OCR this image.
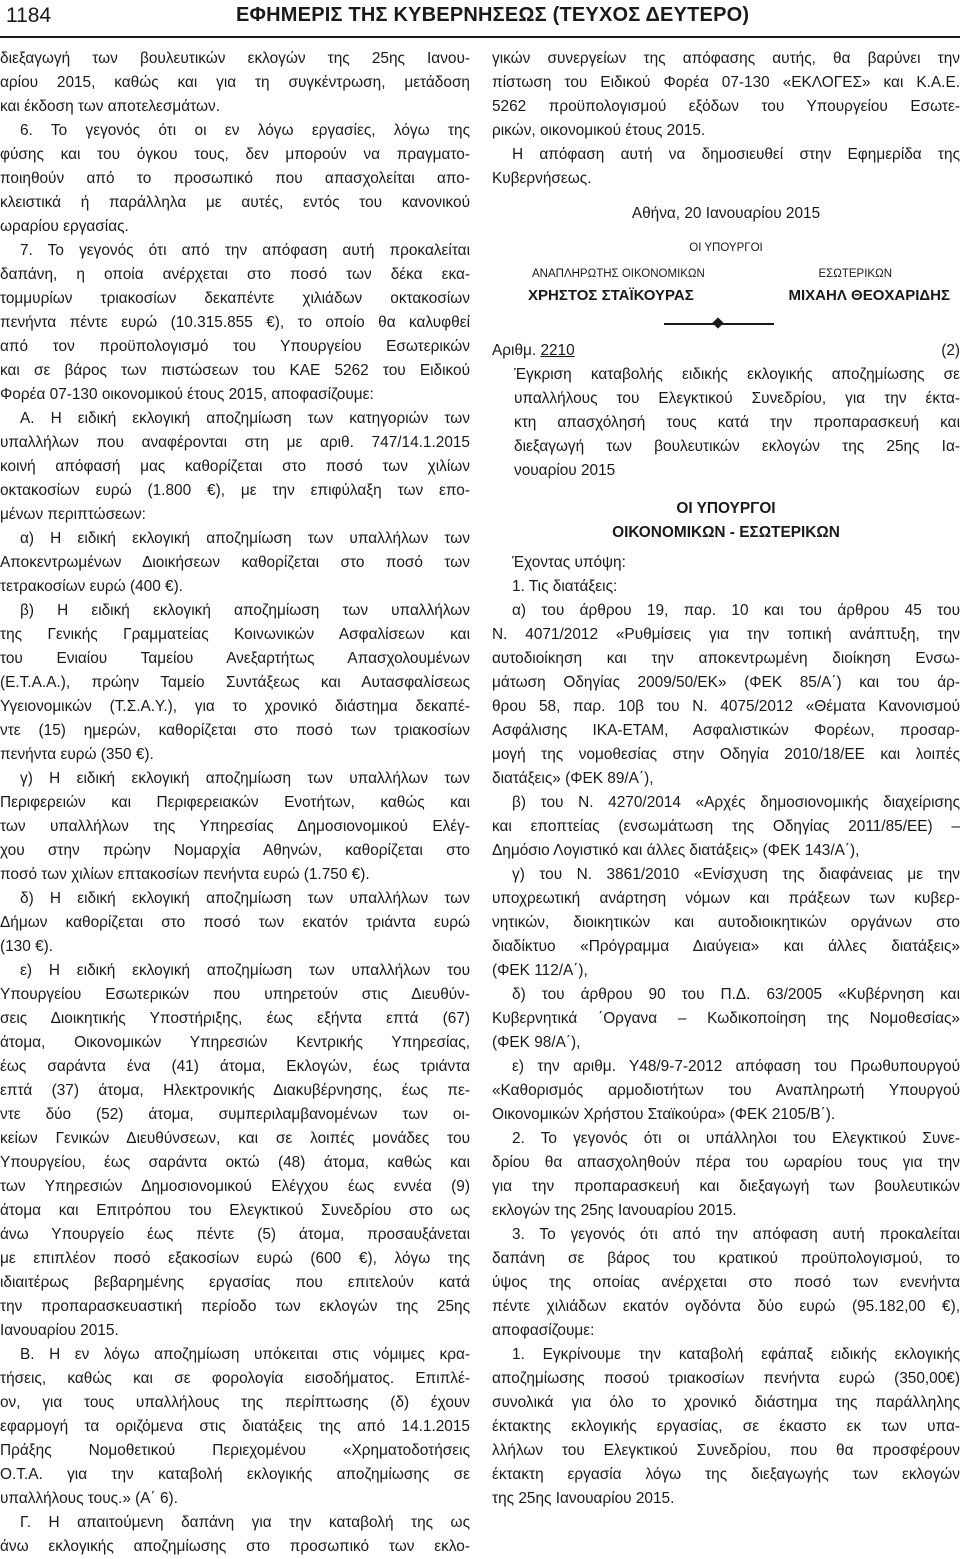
1184	ΕΦΗΜΕΡΙΣ ΤΗΣ ΚΥΒΕΡΝΗΣΕΩΣ (ΤΕΥΧΟΣ ΔΕΥΤΕΡΟ)
διεξαγωγή των βουλευτικών εκλογών της 25ης Ιανου-
αρίου 2015, καθώς και για τη συγκέντρωση, μετάδοση
και έκδοση των αποτελεσμάτων.
6. Το γεγονός ότι οι εν λόγω εργασίες, λόγω της
φύσης και του όγκου τους, δεν μπορούν να πραγματο-
ποιηθούν από το προσωπικό που απασχολείται απο-
κλειστικά ή παράλληλα με αυτές, εντός του κανονικού
ωραρίου εργασίας.
7. Το γεγονός ότι από την απόφαση αυτή προκαλείται
δαπάνη, η οποία ανέρχεται στο ποσό των δέκα εκα-
τομμυρίων τριακοσίων δεκαπέντε χιλιάδων οκτακοσίων
πενήντα πέντε ευρώ (10.315.855 €), το οποίο θα καλυφθεί
από τον προϋπολογισμό του Υπουργείου Εσωτερικών
και σε βάρος των πιστώσεων του ΚΑΕ 5262 του Ειδικού
Φορέα 07-130 οικονομικού έτους 2015, αποφασίζουμε:
Α. Η ειδική εκλογική αποζημίωση των κατηγοριών των
υπαλλήλων που αναφέρονται στη με αριθ. 747/14.1.2015
κοινή απόφασή μας καθορίζεται στο ποσό των χιλίων
οκτακοσίων ευρώ (1.800 €), με την επιφύλαξη των επο-
μένων περιπτώσεων:
α) Η ειδική εκλογική αποζημίωση των υπαλλήλων των
Αποκεντρωμένων Διοικήσεων καθορίζεται στο ποσό των
τετρακοσίων ευρώ (400 €).
β) Η ειδική εκλογική αποζημίωση των υπαλλήλων
της Γενικής Γραμματείας Κοινωνικών Ασφαλίσεων και
του Ενιαίου Ταμείου Ανεξαρτήτως Απασχολουμένων
(Ε.Τ.Α.Α.), πρώην Ταμείο Συντάξεως και Αυτασφαλίσεως
Υγειονομικών (Τ.Σ.Α.Υ.), για το χρονικό διάστημα δεκαπέ-
ντε (15) ημερών, καθορίζεται στο ποσό των τριακοσίων
πενήντα ευρώ (350 €).
γ) Η ειδική εκλογική αποζημίωση των υπαλλήλων των
Περιφερειών και Περιφερειακών Ενοτήτων, καθώς και
των υπαλλήλων της Υπηρεσίας Δημοσιονομικού Ελέγ-
χου στην πρώην Νομαρχία Αθηνών, καθορίζεται στο
ποσό των χιλίων επτακοσίων πενήντα ευρώ (1.750 €).
δ) Η ειδική εκλογική αποζημίωση των υπαλλήλων των
Δήμων καθορίζεται στο ποσό των εκατόν τριάντα ευρώ
(130 €).
ε) Η ειδική εκλογική αποζημίωση των υπαλλήλων του
Υπουργείου Εσωτερικών που υπηρετούν στις Διευθύν-
σεις Διοικητικής Υποστήριξης, έως εξήντα επτά (67)
άτομα, Οικονομικών Υπηρεσιών Κεντρικής Υπηρεσίας,
έως σαράντα ένα (41) άτομα, Εκλογών, έως τριάντα
επτά (37) άτομα, Ηλεκτρονικής Διακυβέρνησης, έως πε-
ντε δύο (52) άτομα, συμπεριλαμβανομένων των οι-
κείων Γενικών Διευθύνσεων, και σε λοιπές μονάδες του
Υπουργείου, έως σαράντα οκτώ (48) άτομα, καθώς και
των Υπηρεσιών Δημοσιονομικού Ελέγχου έως εννέα (9)
άτομα και Επιτρόπου του Ελεγκτικού Συνεδρίου στο ως
άνω Υπουργείο έως πέντε (5) άτομα, προσαυξάνεται
με επιπλέον ποσό εξακοσίων ευρώ (600 €), λόγω της
ιδιαιτέρως βεβαρημένης εργασίας που επιτελούν κατά
την προπαρασκευαστική περίοδο των εκλογών της 25ης
Ιανουαρίου 2015.
Β. Η εν λόγω αποζημίωση υπόκειται στις νόμιμες κρα-
τήσεις, καθώς και σε φορολογία εισοδήματος. Επιπλέ-
ον, για τους υπαλλήλους της περίπτωσης (δ) έχουν
εφαρμογή τα οριζόμενα στις διατάξεις της από 14.1.2015
Πράξης Νομοθετικού Περιεχομένου «Χρηματοδοτήσεις
Ο.Τ.Α. για την καταβολή εκλογικής αποζημίωσης σε
υπαλλήλους τους.» (Α΄ 6).
Γ. Η απαιτούμενη δαπάνη για την καταβολή της ως
άνω εκλογικής αποζημίωσης στο προσωπικό των εκλο-
γικών συνεργείων της απόφασης αυτής, θα βαρύνει την
πίστωση του Ειδικού Φορέα 07-130 «ΕΚΛΟΓΕΣ» και Κ.Α.Ε.
5262 προϋπολογισμού εξόδων του Υπουργείου Εσωτε-
ρικών, οικονομικού έτους 2015.
Η απόφαση αυτή να δημοσιευθεί στην Εφημερίδα της
Κυβερνήσεως.
Αθήνα, 20 Ιανουαρίου 2015
ΟΙ ΥΠΟΥΡΓΟΙ
ΑΝΑΠΛΗΡΩΤΗΣ ΟΙΚΟΝΟΜΙΚΩΝ	ΕΣΩΤΕΡΙΚΩΝ
ΧΡΗΣΤΟΣ ΣΤΑΪΚΟΥΡΑΣ	ΜΙΧΑΗΛ ΘΕΟΧΑΡΙΔΗΣ
Αριθμ. 2210	(2)
Έγκριση καταβολής ειδικής εκλογικής αποζημίωσης σε
υπαλλήλους του Ελεγκτικού Συνεδρίου, για την έκτα-
κτη απασχόλησή τους κατά την προπαρασκευή και
διεξαγωγή των βουλευτικών εκλογών της 25ης Ια-
νουαρίου 2015
ΟΙ ΥΠΟΥΡΓΟΙ
ΟΙΚΟΝΟΜΙΚΩΝ - ΕΣΩΤΕΡΙΚΩΝ
Έχοντας υπόψη:
1. Τις διατάξεις:
α) του άρθρου 19, παρ. 10 και του άρθρου 45 του
Ν. 4071/2012 «Ρυθμίσεις για την τοπική ανάπτυξη, την
αυτοδιοίκηση και την αποκεντρωμένη διοίκηση Ενσω-
μάτωση Οδηγίας 2009/50/ΕΚ» (ΦΕΚ 85/Α΄) και του άρ-
θρου 58, παρ. 10β του Ν. 4075/2012 «Θέματα Κανονισμού
Ασφάλισης ΙΚΑ-ΕΤΑΜ, Ασφαλιστικών Φορέων, προσαρ-
μογή της νομοθεσίας στην Οδηγία 2010/18/ΕΕ και λοιπές
διατάξεις» (ΦΕΚ 89/Α΄),
β) του Ν. 4270/2014 «Αρχές δημοσιονομικής διαχείρισης
και εποπτείας (ενσωμάτωση της Οδηγίας 2011/85/ΕΕ) –
Δημόσιο Λογιστικό και άλλες διατάξεις» (ΦΕΚ 143/Α΄),
γ) του Ν. 3861/2010 «Ενίσχυση της διαφάνειας με την
υποχρεωτική ανάρτηση νόμων και πράξεων των κυβερ-
νητικών, διοικητικών και αυτοδιοικητικών οργάνων στο
διαδίκτυο «Πρόγραμμα Διαύγεια» και άλλες διατάξεις»
(ΦΕΚ 112/Α΄),
δ) του άρθρου 90 του Π.Δ. 63/2005 «Κυβέρνηση και
Κυβερνητικά ΄Οργανα – Κωδικοποίηση της Νομοθεσίας»
(ΦΕΚ 98/Α΄),
ε) την αριθμ. Υ48/9-7-2012 απόφαση του Πρωθυπουργού
«Καθορισμός αρμοδιοτήτων του Αναπληρωτή Υπουργού
Οικονομικών Χρήστου Σταϊκούρα» (ΦΕΚ 2105/Β΄).
2. Το γεγονός ότι οι υπάλληλοι του Ελεγκτικού Συνε-
δρίου θα απασχοληθούν πέρα του ωραρίου τους για την
για την προπαρασκευή και διεξαγωγή των βουλευτικών
εκλογών της 25ης Ιανουαρίου 2015.
3. Το γεγονός ότι από την απόφαση αυτή προκαλείται
δαπάνη σε βάρος του κρατικού προϋπολογισμού, το
ύψος της οποίας ανέρχεται στο ποσό των ενενήντα
πέντε χιλιάδων εκατόν ογδόντα δύο ευρώ (95.182,00 €),
αποφασίζουμε:
1. Εγκρίνουμε την καταβολή εφάπαξ ειδικής εκλογικής
αποζημίωσης ποσού τριακοσίων πενήντα ευρώ (350,00€)
συνολικά για όλο το χρονικό διάστημα της παράλληλης
έκτακτης εκλογικής εργασίας, σε έκαστο εκ των υπα-
λλήλων του Ελεγκτικού Συνεδρίου, που θα προσφέρουν
έκτακτη εργασία λόγω της διεξαγωγής των εκλογών
της 25ης Ιανουαρίου 2015.
